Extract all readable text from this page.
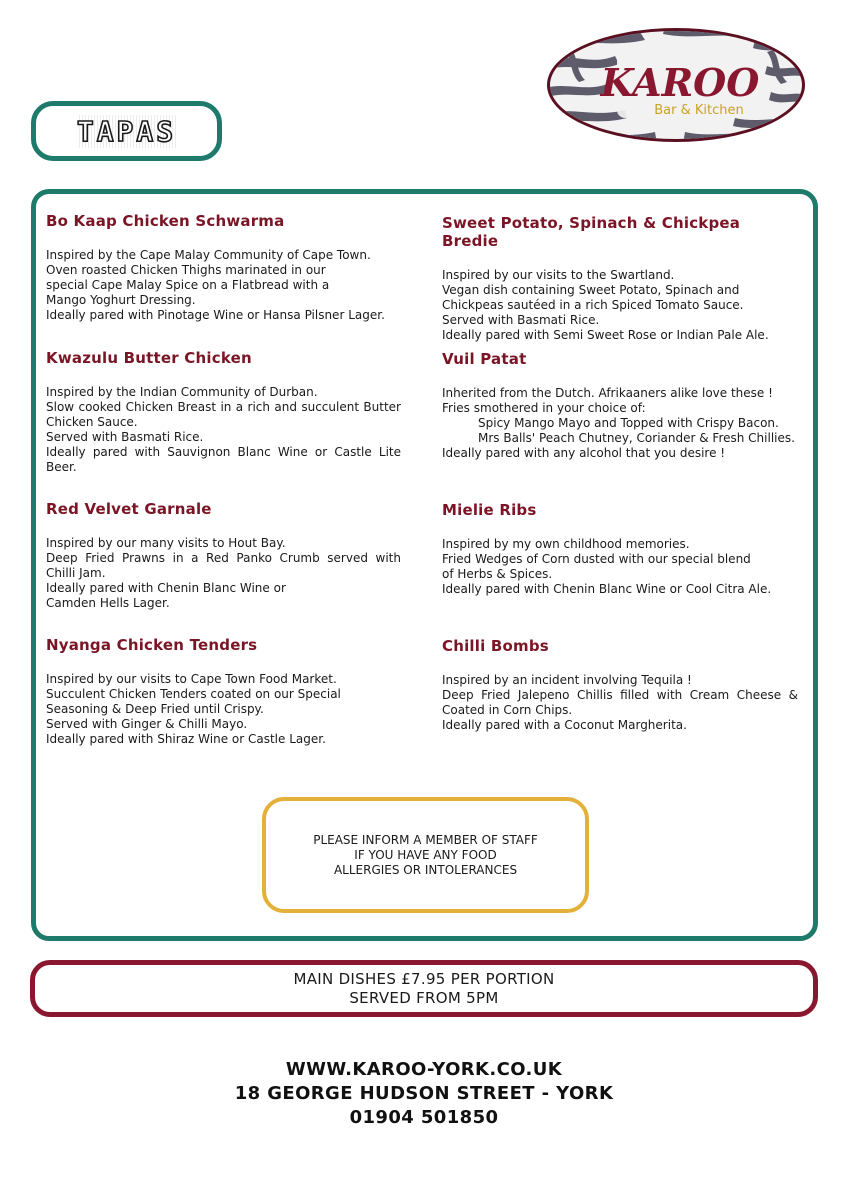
TAPAS
KAROO
Bar & Kitchen
Bo Kaap Chicken Schwarma

Inspired by the Cape Malay Community of Cape Town.

Oven roasted Chicken Thighs marinated in our

special Cape Malay Spice on a Flatbread with a

Mango Yoghurt Dressing.

Ideally pared with Pinotage Wine or Hansa Pilsner Lager.

Kwazulu Butter Chicken

Inspired by the Indian Community of Durban.

Slow cooked Chicken Breast in a rich and succulent Butter

Chicken Sauce.

Served with Basmati Rice.

Ideally pared with Sauvignon Blanc Wine or Castle Lite

Beer.

Red Velvet Garnale

Inspired by our many visits to Hout Bay.

Deep Fried Prawns in a Red Panko Crumb served with

Chilli Jam.

Ideally pared with Chenin Blanc Wine or

Camden Hells Lager.

Nyanga Chicken Tenders

Inspired by our visits to Cape Town Food Market.

Succulent Chicken Tenders coated on our Special

Seasoning & Deep Fried until Crispy.

Served with Ginger & Chilli Mayo.

Ideally pared with Shiraz Wine or Castle Lager.

Sweet Potato, Spinach & Chickpea Bredie

Inspired by our visits to the Swartland.

Vegan dish containing Sweet Potato, Spinach and

Chickpeas sautéed in a rich Spiced Tomato Sauce.

Served with Basmati Rice.

Ideally pared with Semi Sweet Rose or Indian Pale Ale.

Vuil Patat

Inherited from the Dutch. Afrikaaners alike love these !

Fries smothered in your choice of:

Spicy Mango Mayo and Topped with Crispy Bacon.

Mrs Balls' Peach Chutney, Coriander & Fresh Chillies.

Ideally pared with any alcohol that you desire !

Mielie Ribs

Inspired by my own childhood memories.

Fried Wedges of Corn dusted with our special blend

of Herbs & Spices.

Ideally pared with Chenin Blanc Wine or Cool Citra Ale.

Chilli Bombs

Inspired by an incident involving Tequila !

Deep Fried Jalepeno Chillis filled with Cream Cheese &

Coated in Corn Chips.

Ideally pared with a Coconut Margherita.

PLEASE INFORM A MEMBER OF STAFF
IF YOU HAVE ANY FOOD
ALLERGIES OR INTOLERANCES
MAIN DISHES £7.95 PER PORTION
SERVED FROM 5PM
WWW.KAROO-YORK.CO.UK
18 GEORGE HUDSON STREET - YORK
01904 501850
